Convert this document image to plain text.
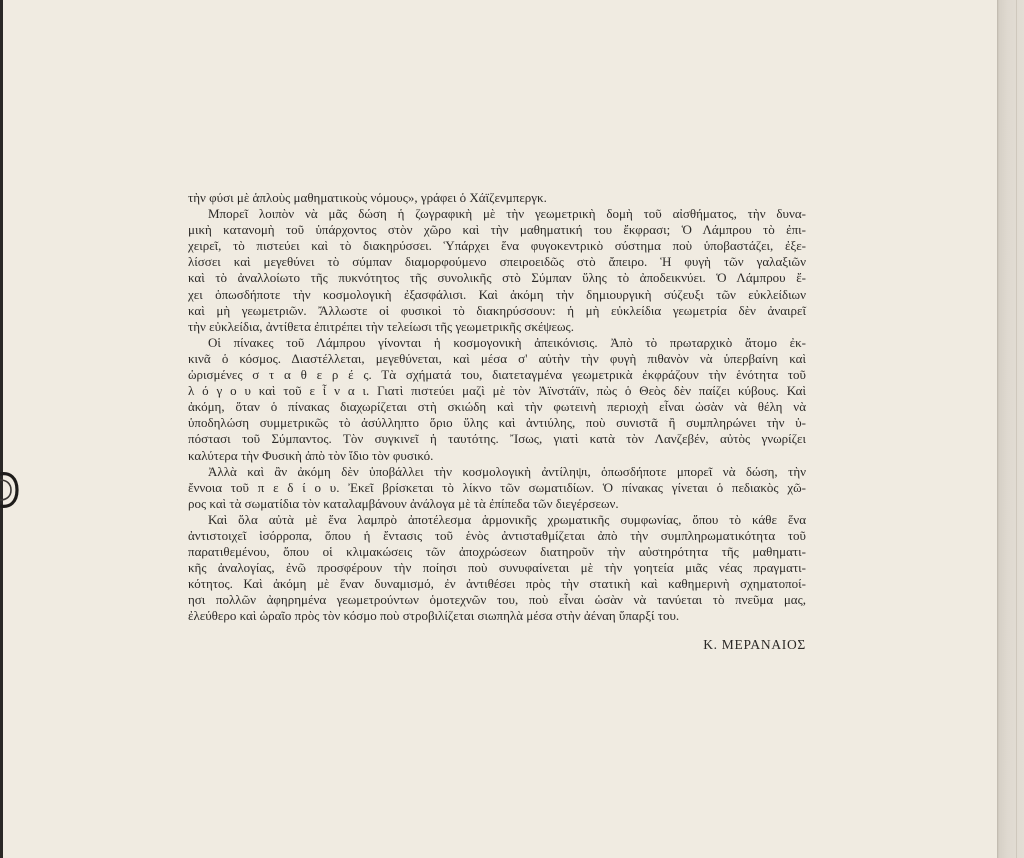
τὴν φύσι μὲ ἁπλοὺς μαθηματικοὺς νόμους», γράφει ὁ Χάϊζενμπεργκ.
Μπορεῖ λοιπὸν νὰ μᾶς δώση ἡ ζωγραφικὴ μὲ τὴν γεωμετρικὴ δομὴ τοῦ αἰσθήματος, τὴν δυνα-
μικὴ κατανομὴ τοῦ ὑπάρχοντος στὸν χῶρο καὶ τὴν μαθηματική του ἔκφρασι; Ὁ Λάμπρου τὸ ἐπι-
χειρεῖ, τὸ πιστεύει καὶ τὸ διακηρύσσει. Ὑπάρχει ἕνα φυγοκεντρικὸ σύστημα ποὺ ὑποβαστάζει, ἐξε-
λίσσει καὶ μεγεθύνει τὸ σύμπαν διαμορφούμενο σπειροειδῶς στὸ ἄπειρο. Ἡ φυγὴ τῶν γαλαξιῶν
καὶ τὸ ἀναλλοίωτο τῆς πυκνότητος τῆς συνολικῆς στὸ Σύμπαν ὕλης τὸ ἀποδεικνύει. Ὁ Λάμπρου ἔ-
χει ὁπωσδήποτε τὴν κοσμολογικὴ ἐξασφάλισι. Καὶ ἀκόμη τὴν δημιουργικὴ σύζευξι τῶν εὐκλείδιων
καὶ μὴ γεωμετριῶν. Ἄλλωστε οἱ φυσικοὶ τὸ διακηρύσσουν: ἡ μὴ εὐκλείδια γεωμετρία δὲν ἀναιρεῖ
τὴν εὐκλείδια, ἀντίθετα ἐπιτρέπει τὴν τελείωσι τῆς γεωμετρικῆς σκέψεως.
Οἱ πίνακες τοῦ Λάμπρου γίνονται ἡ κοσμογονικὴ ἀπεικόνισις. Ἀπὸ τὸ πρωταρχικὸ ἄτομο ἐκ-
κινᾶ ὁ κόσμος. Διαστέλλεται, μεγεθύνεται, καὶ μέσα σ' αὐτὴν τὴν φυγὴ πιθανὸν νὰ ὑπερβαίνη καὶ
ὡρισμένες σ τ α θ ε ρ έ ς. Τὰ σχήματά του, διατεταγμένα γεωμετρικὰ ἐκφράζουν τὴν ἑνότητα τοῦ
λ ό γ ο υ καὶ τοῦ ε ἶ ν α ι. Γιατὶ πιστεύει μαζὶ μὲ τὸν Ἀϊνστάϊν, πὼς ὁ Θεὸς δὲν παίζει κύβους. Καὶ
ἀκόμη, ὅταν ὁ πίνακας διαχωρίζεται στὴ σκιώδη καὶ τὴν φωτεινὴ περιοχὴ εἶναι ὡσὰν νὰ θέλη νὰ
ὑποδηλώση συμμετρικῶς τὸ ἀσύλληπτο ὅριο ὕλης καὶ ἀντιύλης, ποὺ συνιστᾶ ἢ συμπληρώνει τὴν ὑ-
πόστασι τοῦ Σύμπαντος. Τὸν συγκινεῖ ἡ ταυτότης. Ἴσως, γιατὶ κατὰ τὸν Λανζεβέν, αὐτὸς γνωρίζει
καλύτερα τὴν Φυσικὴ ἀπὸ τὸν ἴδιο τὸν φυσικό.
Ἀλλὰ καὶ ἂν ἀκόμη δὲν ὑποβάλλει τὴν κοσμολογικὴ ἀντίληψι, ὁπωσδήποτε μπορεῖ νὰ δώση, τὴν
ἔννοια τοῦ π ε δ ί ο υ. Ἐκεῖ βρίσκεται τὸ λίκνο τῶν σωματιδίων. Ὁ πίνακας γίνεται ὁ πεδιακὸς χῶ-
ρος καὶ τὰ σωματίδια τὸν καταλαμβάνουν ἀνάλογα μὲ τὰ ἐπίπεδα τῶν διεγέρσεων.
Καὶ ὅλα αὐτὰ μὲ ἕνα λαμπρὸ ἀποτέλεσμα ἁρμονικῆς χρωματικῆς συμφωνίας, ὅπου τὸ κάθε ἕνα
ἀντιστοιχεῖ ἰσόρροπα, ὅπου ἡ ἔντασις τοῦ ἑνὸς ἀντισταθμίζεται ἀπὸ τὴν συμπληρωματικότητα τοῦ
παρατιθεμένου, ὅπου οἱ κλιμακώσεις τῶν ἀποχρώσεων διατηροῦν τὴν αὐστηρότητα τῆς μαθηματι-
κῆς ἀναλογίας, ἐνῶ προσφέρουν τὴν ποίησι ποὺ συνυφαίνεται μὲ τὴν γοητεία μιᾶς νέας πραγματι-
κότητος. Καὶ ἀκόμη μὲ ἕναν δυναμισμό, ἐν ἀντιθέσει πρὸς τὴν στατικὴ καὶ καθημερινὴ σχηματοποί-
ησι πολλῶν ἀφηρημένα γεωμετρούντων ὁμοτεχνῶν του, ποὺ εἶναι ὡσὰν νὰ τανύεται τὸ πνεῦμα μας,
ἐλεύθερο καὶ ὡραῖο πρὸς τὸν κόσμο ποὺ στροβιλίζεται σιωπηλὰ μέσα στὴν ἀέναη ὕπαρξί του.
Κ. ΜΕΡΑΝΑΙΟΣ
